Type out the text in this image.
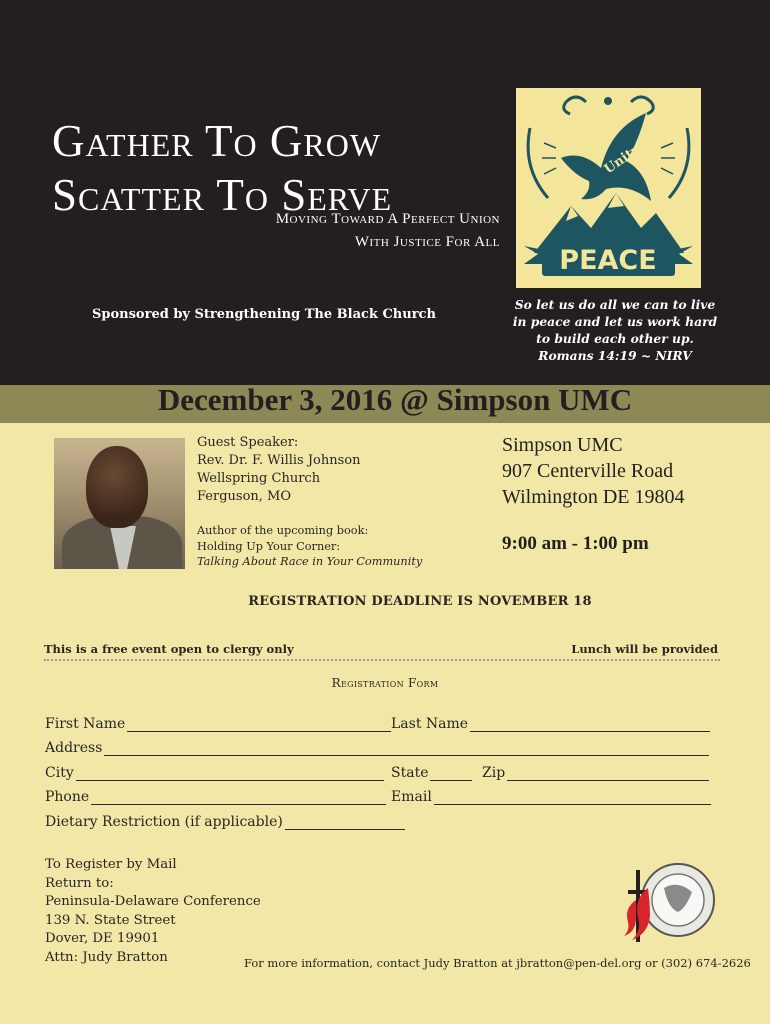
Gather To Grow
Scatter To Serve
Moving Toward A Perfect Union
With Justice For All
Sponsored by Strengthening The Black Church
Unity
PEACE
So let us do all we can to live
in peace and let us work hard
to build each other up.
Romans 14:19 ~ NIRV
December 3, 2016 @ Simpson UMC
Guest Speaker:
Rev. Dr. F. Willis Johnson
Wellspring Church
Ferguson, MO
Author of the upcoming book:
Holding Up Your Corner:
Talking About Race in Your Community
Simpson UMC
907 Centerville Road
Wilmington DE 19804
9:00 am - 1:00 pm
REGISTRATION DEADLINE IS NOVEMBER 18
This is a free event open to clergy only	Lunch will be provided
Registration Form
First Name	Last Name
Address
City	State	Zip
Phone	Email
Dietary Restriction (if applicable)
To Register by Mail
Return to:
Peninsula-Delaware Conference
139 N. State Street
Dover, DE 19901
Attn: Judy Bratton	For more information, contact Judy Bratton at jbratton@pen-del.org or (302) 674-2626
